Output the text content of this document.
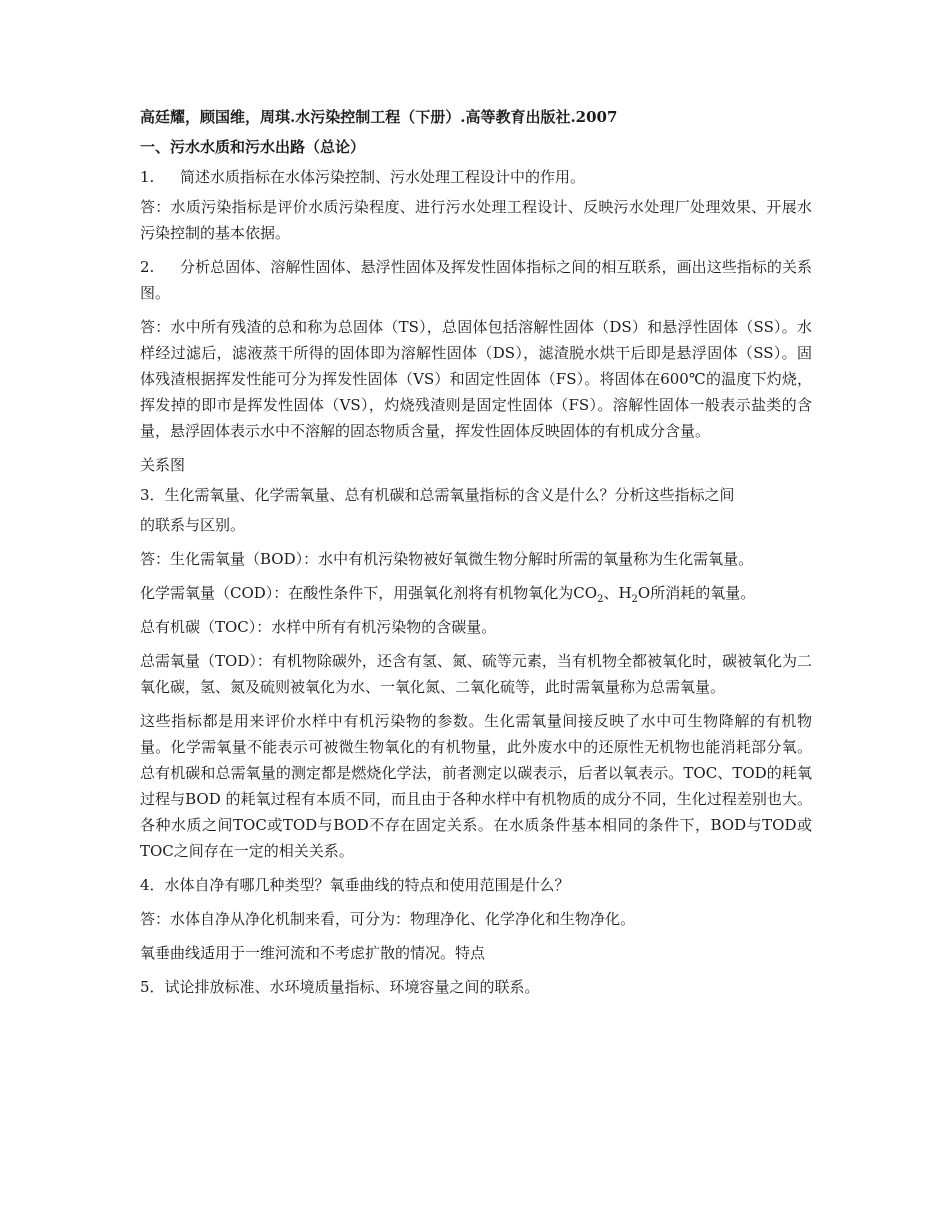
高廷耀，顾国维，周琪.水污染控制工程（下册）.高等教育出版社.2007

一、污水水质和污水出路（总论）

1. 简述水质指标在水体污染控制、污水处理工程设计中的作用。

答：水质污染指标是评价水质污染程度、进行污水处理工程设计、反映污水处理厂处理效果、开展水污染控制的基本依据。

2. 分析总固体、溶解性固体、悬浮性固体及挥发性固体指标之间的相互联系，画出这些指标的关系图。

答：水中所有残渣的总和称为总固体（TS），总固体包括溶解性固体（DS）和悬浮性固体（SS）。水样经过滤后，滤液蒸干所得的固体即为溶解性固体（DS），滤渣脱水烘干后即是悬浮固体（SS）。固体残渣根据挥发性能可分为挥发性固体（VS）和固定性固体（FS）。将固体在600℃的温度下灼烧，挥发掉的即市是挥发性固体（VS），灼烧残渣则是固定性固体（FS）。溶解性固体一般表示盐类的含量，悬浮固体表示水中不溶解的固态物质含量，挥发性固体反映固体的有机成分含量。

关系图

3．生化需氧量、化学需氧量、总有机碳和总需氧量指标的含义是什么？分析这些指标之间

的联系与区别。

答：生化需氧量（BOD）：水中有机污染物被好氧微生物分解时所需的氧量称为生化需氧量。

化学需氧量（COD）：在酸性条件下，用强氧化剂将有机物氧化为$CO_2$、$H_2O$所消耗的氧量。

总有机碳（TOC）：水样中所有有机污染物的含碳量。

总需氧量（TOD）：有机物除碳外，还含有氢、氮、硫等元素，当有机物全都被氧化时，碳被氧化为二氧化碳，氢、氮及硫则被氧化为水、一氧化氮、二氧化硫等，此时需氧量称为总需氧量。

这些指标都是用来评价水样中有机污染物的参数。生化需氧量间接反映了水中可生物降解的有机物量。化学需氧量不能表示可被微生物氧化的有机物量，此外废水中的还原性无机物也能消耗部分氧。总有机碳和总需氧量的测定都是燃烧化学法，前者测定以碳表示，后者以氧表示。TOC、TOD的耗氧过程与BOD 的耗氧过程有本质不同，而且由于各种水样中有机物质的成分不同，生化过程差别也大。各种水质之间TOC或TOD与BOD不存在固定关系。在水质条件基本相同的条件下，BOD与TOD或TOC之间存在一定的相关关系。

4．水体自净有哪几种类型？氧垂曲线的特点和使用范围是什么？

答：水体自净从净化机制来看，可分为：物理净化、化学净化和生物净化。

氧垂曲线适用于一维河流和不考虑扩散的情况。特点

5．试论排放标准、水环境质量指标、环境容量之间的联系。
